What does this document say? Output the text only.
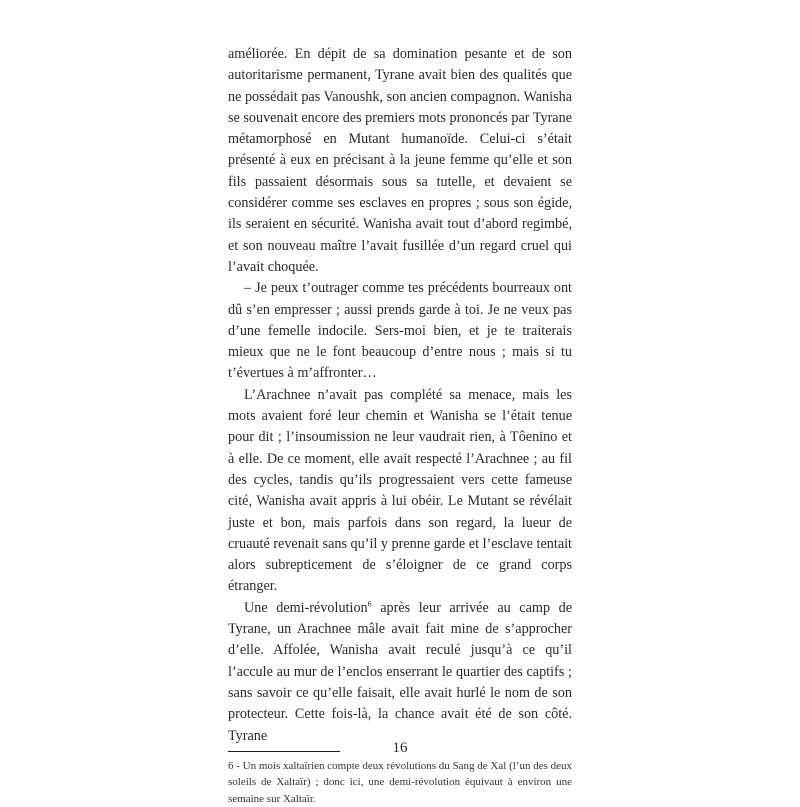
améliorée. En dépit de sa domination pesante et de son autoritarisme permanent, Tyrane avait bien des qualités que ne possédait pas Vanoushk, son ancien compagnon. Wanisha se souvenait encore des premiers mots prononcés par Tyrane métamorphosé en Mutant humanoïde. Celui-ci s’était présenté à eux en précisant à la jeune femme qu’elle et son fils passaient désormais sous sa tutelle, et devaient se considérer comme ses esclaves en propres ; sous son égide, ils seraient en sécurité. Wanisha avait tout d’abord regimbé, et son nouveau maître l’avait fusillée d’un regard cruel qui l’avait choquée.

– Je peux t’outrager comme tes précédents bourreaux ont dû s’en empresser ; aussi prends garde à toi. Je ne veux pas d’une femelle indocile. Sers-moi bien, et je te traiterais mieux que ne le font beaucoup d’entre nous ; mais si tu t’évertues à m’affronter…

L’Arachnee n’avait pas complété sa menace, mais les mots avaient foré leur chemin et Wanisha se l’était tenue pour dit ; l’insoumission ne leur vaudrait rien, à Tôenino et à elle. De ce moment, elle avait respecté l’Arachnee ; au fil des cycles, tandis qu’ils progressaient vers cette fameuse cité, Wanisha avait appris à lui obéir. Le Mutant se révélait juste et bon, mais parfois dans son regard, la lueur de cruauté revenait sans qu’il y prenne garde et l’esclave tentait alors subrepticement de s’éloigner de ce grand corps étranger.

Une demi-révolution$^6$ après leur arrivée au camp de Tyrane, un Arachnee mâle avait fait mine de s’approcher d’elle. Affolée, Wanisha avait reculé jusqu’à ce qu’il l’accule au mur de l’enclos enserrant le quartier des captifs ; sans savoir ce qu’elle faisait, elle avait hurlé le nom de son protecteur. Cette fois-là, la chance avait été de son côté. Tyrane

6 - Un mois xaltaïrien compte deux révolutions du Sang de Xal (l’un des deux soleils de Xaltaïr) ; donc ici, une demi-révolution équivaut à environ une semaine sur Xaltaïr.

16
